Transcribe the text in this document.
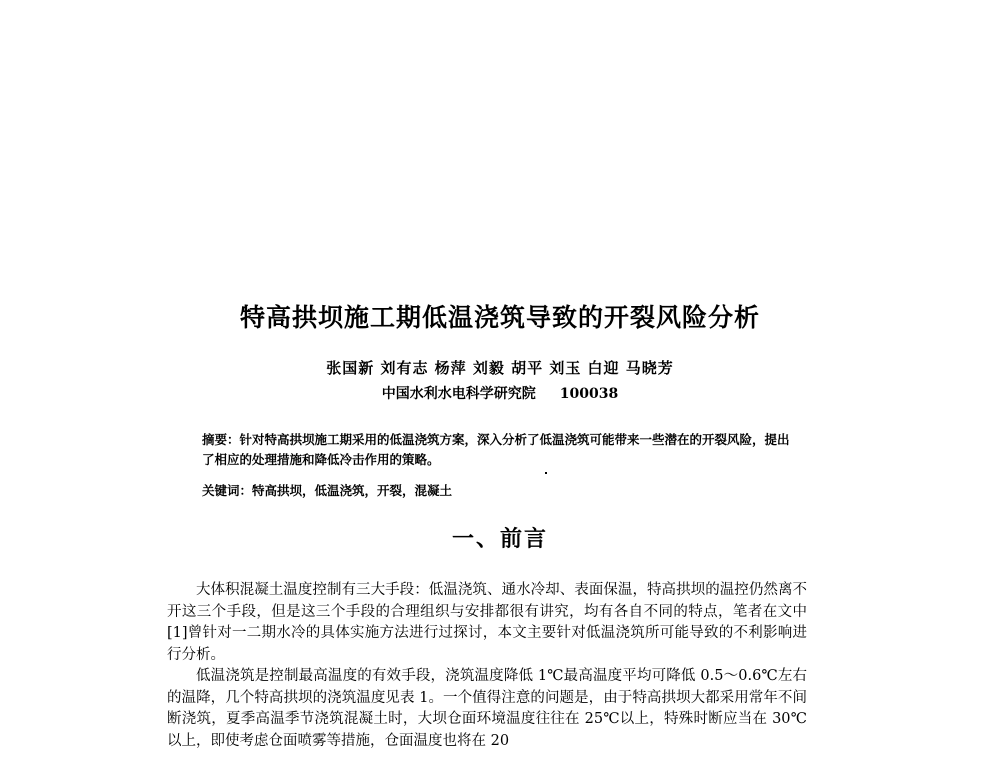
特高拱坝施工期低温浇筑导致的开裂风险分析
张国新 刘有志 杨萍 刘毅 胡平 刘玉 白迎 马晓芳
中国水利水电科学研究院 100038
摘要：针对特高拱坝施工期采用的低温浇筑方案，深入分析了低温浇筑可能带来一些潜在的开裂风险，提出了相应的处理措施和降低冷击作用的策略。
关键词：特高拱坝，低温浇筑，开裂，混凝土
一、前言

大体积混凝土温度控制有三大手段：低温浇筑、通水冷却、表面保温，特高拱坝的温控仍然离不开这三个手段，但是这三个手段的合理组织与安排都很有讲究，均有各自不同的特点，笔者在文中[1]曾针对一二期水冷的具体实施方法进行过探讨，本文主要针对低温浇筑所可能导致的不利影响进行分析。

低温浇筑是控制最高温度的有效手段，浇筑温度降低 1℃最高温度平均可降低 0.5～0.6℃左右的温降，几个特高拱坝的浇筑温度见表 1。一个值得注意的问题是，由于特高拱坝大都采用常年不间断浇筑，夏季高温季节浇筑混凝土时，大坝仓面环境温度往往在 25℃以上，特殊时断应当在 30℃以上，即使考虑仓面喷雾等措施，仓面温度也将在 20
